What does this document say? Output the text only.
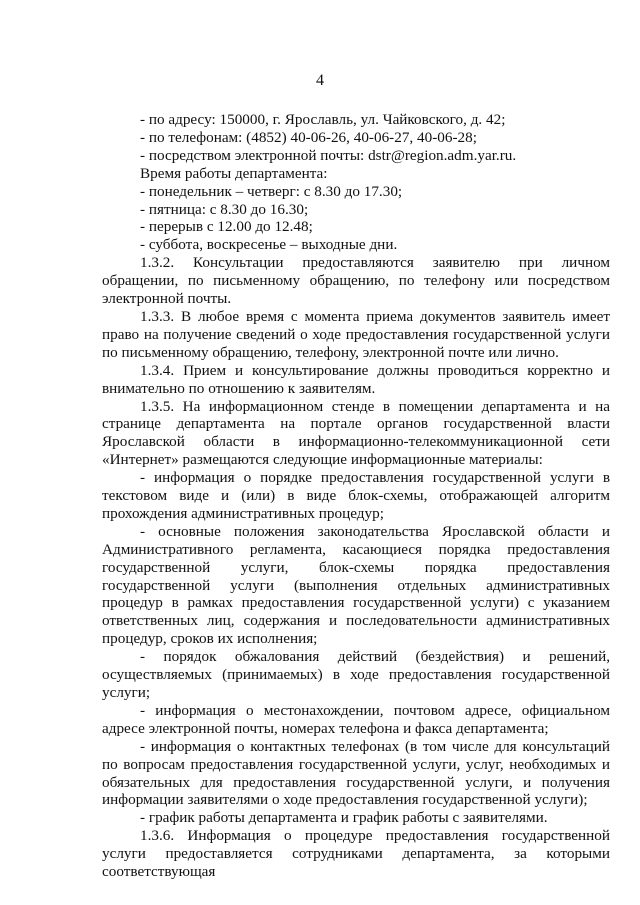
4

- по адресу: 150000, г. Ярославль, ул. Чайковского, д. 42;

- по телефонам: (4852) 40-06-26, 40-06-27, 40-06-28;

- посредством электронной почты: dstr@region.adm.yar.ru.

Время работы департамента:

- понедельник – четверг: с 8.30 до 17.30;

- пятница: с 8.30 до 16.30;

- перерыв с 12.00 до 12.48;

- суббота, воскресенье – выходные дни.

1.3.2. Консультации предоставляются заявителю при личном обращении, по письменному обращению, по телефону или посредством электронной почты.

1.3.3. В любое время с момента приема документов заявитель имеет право на получение сведений о ходе предоставления государственной услуги по письменному обращению, телефону, электронной почте или лично.

1.3.4. Прием и консультирование должны проводиться корректно и внимательно по отношению к заявителям.

1.3.5. На информационном стенде в помещении департамента и на странице департамента на портале органов государственной власти Ярославской области в информационно-телекоммуникационной сети «Интернет» размещаются следующие информационные материалы:

- информация о порядке предоставления государственной услуги в текстовом виде и (или) в виде блок-схемы, отображающей алгоритм прохождения административных процедур;

- основные положения законодательства Ярославской области и Административного регламента, касающиеся порядка предоставления государственной услуги, блок-схемы порядка предоставления государственной услуги (выполнения отдельных административных процедур в рамках предоставления государственной услуги) с указанием ответственных лиц, содержания и последовательности административных процедур, сроков их исполнения;

- порядок обжалования действий (бездействия) и решений, осуществляемых (принимаемых) в ходе предоставления государственной услуги;

- информация о местонахождении, почтовом адресе, официальном адресе электронной почты, номерах телефона и факса департамента;

- информация о контактных телефонах (в том числе для консультаций по вопросам предоставления государственной услуги, услуг, необходимых и обязательных для предоставления государственной услуги, и получения информации заявителями о ходе предоставления государственной услуги);

- график работы департамента и график работы с заявителями.

1.3.6. Информация о процедуре предоставления государственной услуги предоставляется сотрудниками департамента, за которыми соответствующая
